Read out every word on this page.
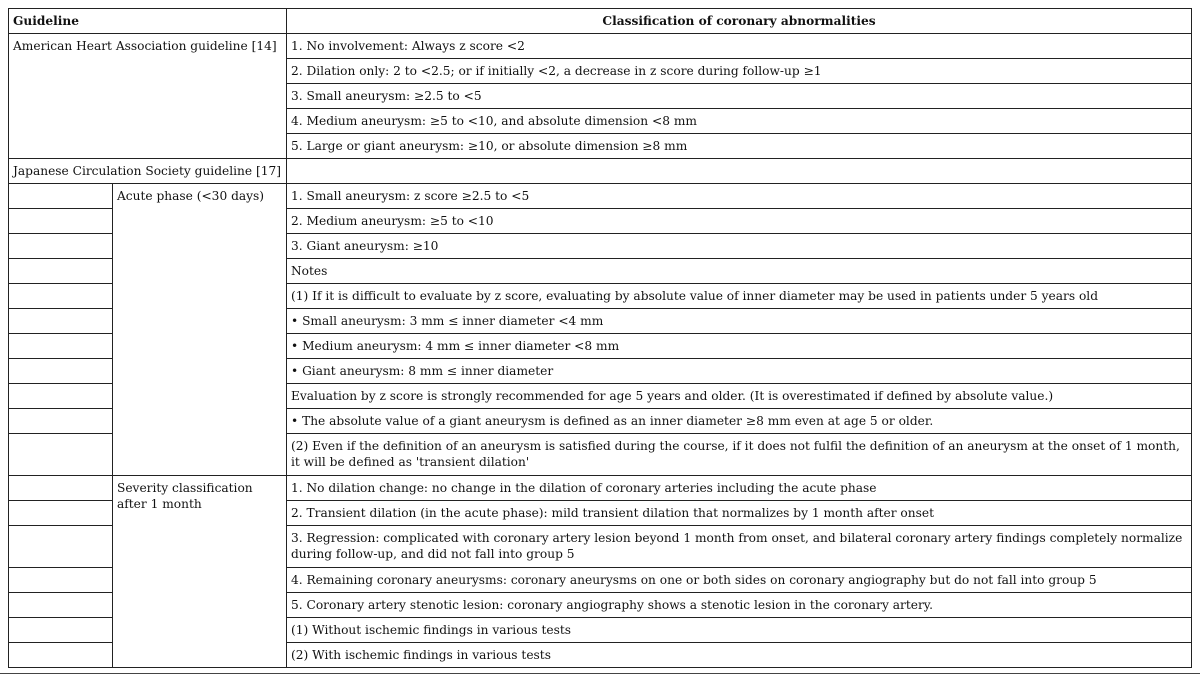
Guideline		Classification of coronary abnormalities
American Heart Association guideline [14]		1. No involvement: Always z score <2
		2. Dilation only: 2 to <2.5; or if initially <2, a decrease in z score during follow-up ≥1
		3. Small aneurysm: ≥2.5 to <5
		4. Medium aneurysm: ≥5 to <10, and absolute dimension <8 mm
		5. Large or giant aneurysm: ≥10, or absolute dimension ≥8 mm
Japanese Circulation Society guideline [17]		
	Acute phase (<30 days)	1. Small aneurysm: z score ≥2.5 to <5
		2. Medium aneurysm: ≥5 to <10
		3. Giant aneurysm: ≥10
		Notes
		(1) If it is difficult to evaluate by z score, evaluating by absolute value of inner diameter may be used in patients under 5 years old
		• Small aneurysm: 3 mm ≤ inner diameter <4 mm
		• Medium aneurysm: 4 mm ≤ inner diameter <8 mm
		• Giant aneurysm: 8 mm ≤ inner diameter
		Evaluation by z score is strongly recommended for age 5 years and older. (It is overestimated if defined by absolute value.)
		• The absolute value of a giant aneurysm is defined as an inner diameter ≥8 mm even at age 5 or older.
		(2) Even if the definition of an aneurysm is satisfied during the course, if it does not fulfil the definition of an aneurysm at the onset of 1 month, it will be defined as 'transient dilation'
	Severity classification after 1 month	1. No dilation change: no change in the dilation of coronary arteries including the acute phase
		2. Transient dilation (in the acute phase): mild transient dilation that normalizes by 1 month after onset
		3. Regression: complicated with coronary artery lesion beyond 1 month from onset, and bilateral coronary artery findings completely normalize during follow-up, and did not fall into group 5
		4. Remaining coronary aneurysms: coronary aneurysms on one or both sides on coronary angiography but do not fall into group 5
		5. Coronary artery stenotic lesion: coronary angiography shows a stenotic lesion in the coronary artery.
		(1) Without ischemic findings in various tests
		(2) With ischemic findings in various tests
